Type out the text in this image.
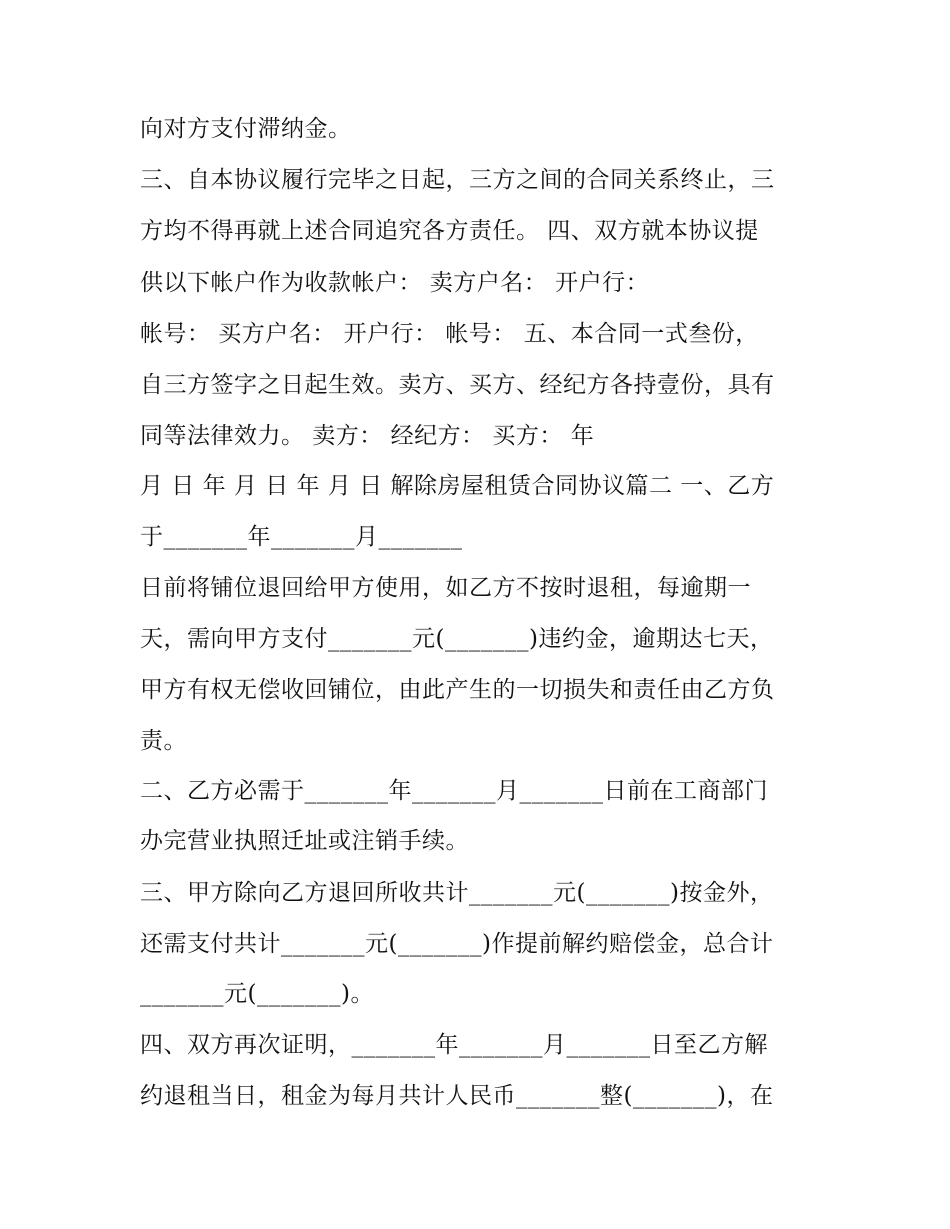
向对方支付滞纳金。
三、自本协议履行完毕之日起，三方之间的合同关系终止，三
方均不得再就上述合同追究各方责任。 四、双方就本协议提
供以下帐户作为收款帐户： 卖方户名： 开户行：
帐号： 买方户名： 开户行： 帐号： 五、本合同一式叁份，
自三方签字之日起生效。卖方、买方、经纪方各持壹份，具有
同等法律效力。 卖方： 经纪方： 买方： 年
月 日 年 月 日 年 月 日 解除房屋租赁合同协议篇二 一、乙方
于_______年_______月_______
日前将铺位退回给甲方使用，如乙方不按时退租，每逾期一
天，需向甲方支付_______元(_______)违约金，逾期达七天，
甲方有权无偿收回铺位，由此产生的一切损失和责任由乙方负
责。
二、乙方必需于_______年_______月_______日前在工商部门
办完营业执照迁址或注销手续。
三、甲方除向乙方退回所收共计_______元(_______)按金外，
还需支付共计_______元(_______)作提前解约赔偿金，总合计
_______元(_______)。
四、双方再次证明，_______年_______月_______日至乙方解
约退租当日，租金为每月共计人民币_______整(_______)，在
